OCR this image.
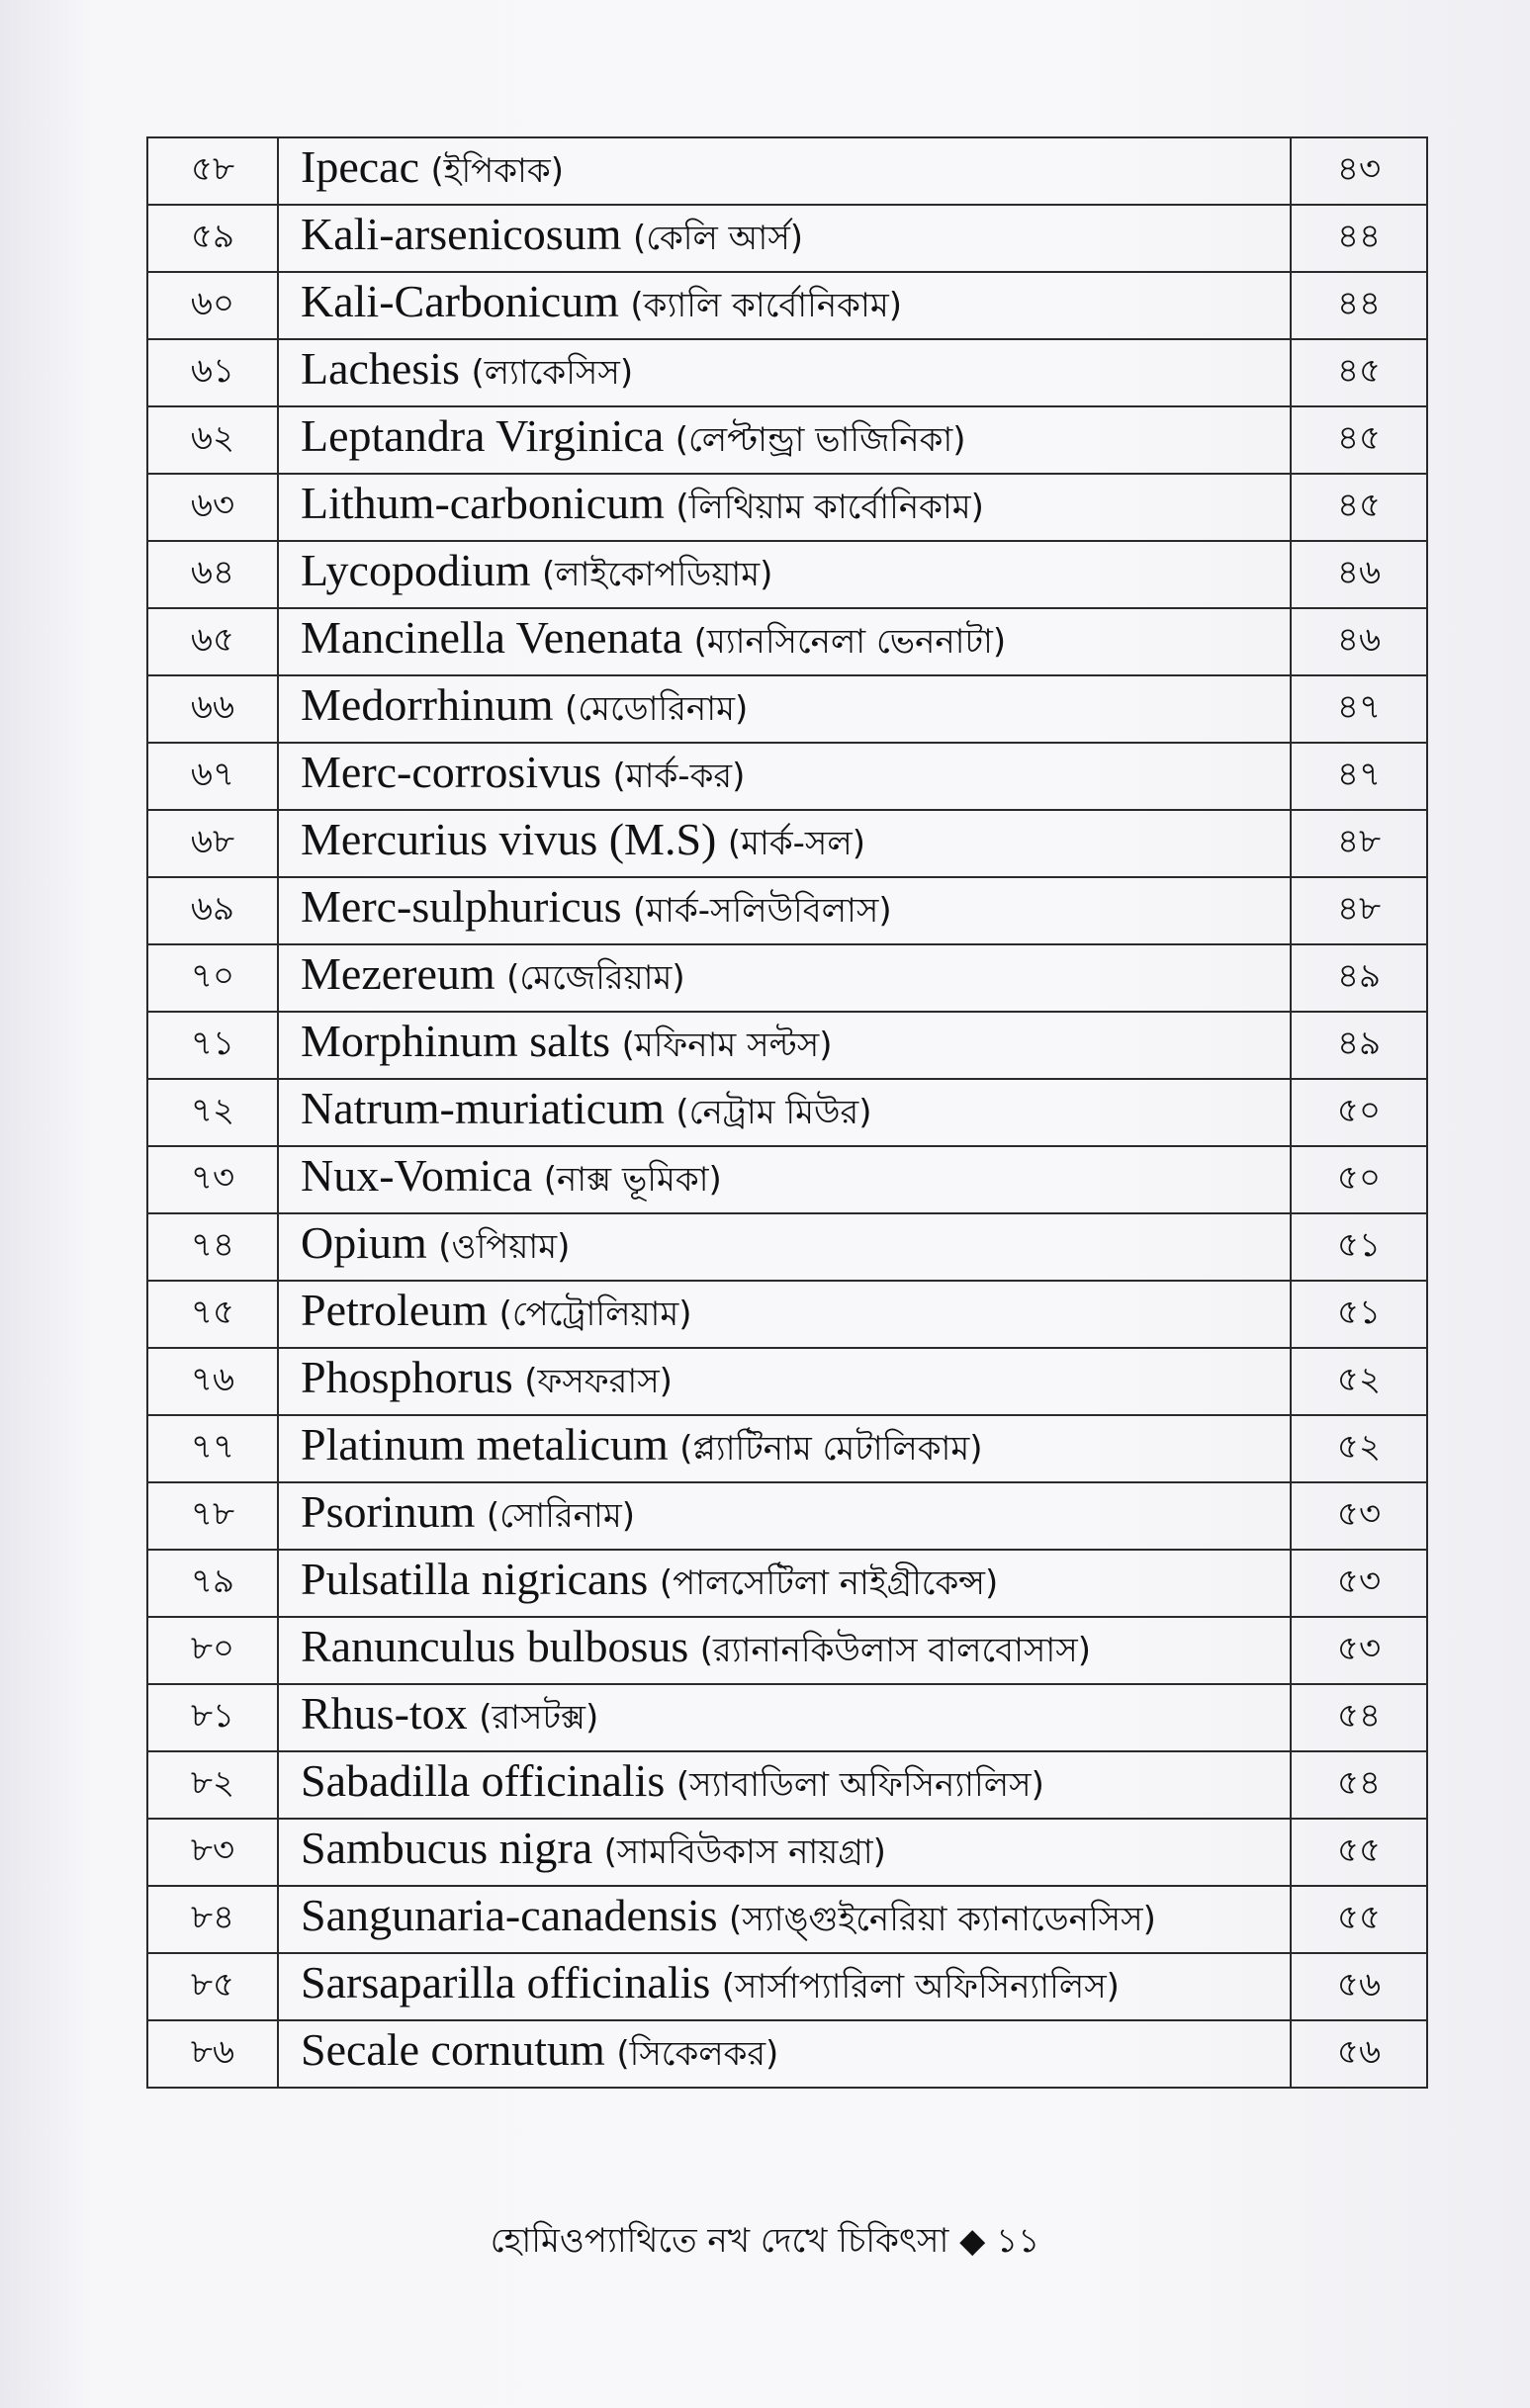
৫৮	Ipecac (ইপিকাক)	৪৩
৫৯	Kali-arsenicosum (কেলি আর্স)	৪৪
৬০	Kali-Carbonicum (ক্যালি কার্বোনিকাম)	৪৪
৬১	Lachesis (ল্যাকেসিস)	৪৫
৬২	Leptandra Virginica (লেপ্টান্ড্রা ভাজিনিকা)	৪৫
৬৩	Lithum-carbonicum (লিথিয়াম কার্বোনিকাম)	৪৫
৬৪	Lycopodium (লাইকোপডিয়াম)	৪৬
৬৫	Mancinella Venenata (ম্যানসিনেলা ভেননাটা)	৪৬
৬৬	Medorrhinum (মেডোরিনাম)	৪৭
৬৭	Merc-corrosivus (মার্ক-কর)	৪৭
৬৮	Mercurius vivus (M.S) (মার্ক-সল)	৪৮
৬৯	Merc-sulphuricus (মার্ক-সলিউবিলাস)	৪৮
৭০	Mezereum (মেজেরিয়াম)	৪৯
৭১	Morphinum salts (মফিনাম সল্টস)	৪৯
৭২	Natrum-muriaticum (নেট্রাম মিউর)	৫০
৭৩	Nux-Vomica (নাক্স ভূমিকা)	৫০
৭৪	Opium (ওপিয়াম)	৫১
৭৫	Petroleum (পেট্রোলিয়াম)	৫১
৭৬	Phosphorus (ফসফরাস)	৫২
৭৭	Platinum metalicum (প্ল্যাটিনাম মেটালিকাম)	৫২
৭৮	Psorinum (সোরিনাম)	৫৩
৭৯	Pulsatilla nigricans (পালসেটিলা নাইগ্রীকেন্স)	৫৩
৮০	Ranunculus bulbosus (র‌্যানানকিউলাস বালবোসাস)	৫৩
৮১	Rhus-tox (রাসটক্স)	৫৪
৮২	Sabadilla officinalis (স্যাবাডিলা অফিসিন্যালিস)	৫৪
৮৩	Sambucus nigra (সামবিউকাস নায়গ্রা)	৫৫
৮৪	Sangunaria-canadensis (স্যাঙ্গুইনেরিয়া ক্যানাডেনসিস)	৫৫
৮৫	Sarsaparilla officinalis (সার্সাপ্যারিলা অফিসিন্যালিস)	৫৬
৮৬	Secale cornutum (সিকেলকর)	৫৬
হোমিওপ্যাথিতে নখ দেখে চিকিৎসা ◆ ১১
